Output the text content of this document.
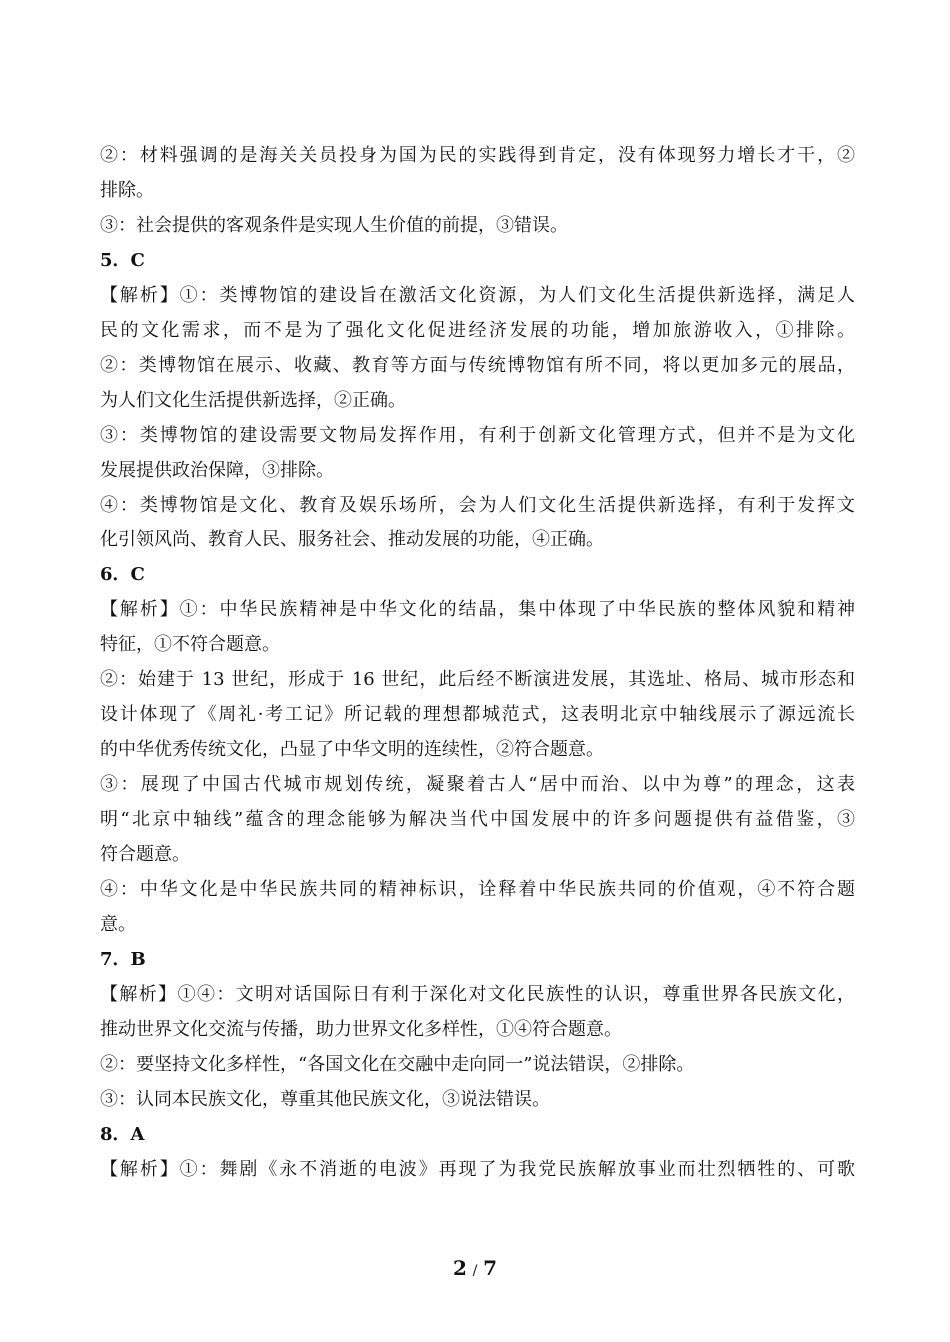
②：材料强调的是海关关员投身为国为民的实践得到肯定，没有体现努力增长才干，②
排除。
③：社会提供的客观条件是实现人生价值的前提，③错误。
5．C
【解析】①：类博物馆的建设旨在激活文化资源，为人们文化生活提供新选择，满足人
民的文化需求，而不是为了强化文化促进经济发展的功能，增加旅游收入，①排除。
②：类博物馆在展示、收藏、教育等方面与传统博物馆有所不同，将以更加多元的展品，
为人们文化生活提供新选择，②正确。
③：类博物馆的建设需要文物局发挥作用，有利于创新文化管理方式，但并不是为文化
发展提供政治保障，③排除。
④：类博物馆是文化、教育及娱乐场所，会为人们文化生活提供新选择，有利于发挥文
化引领风尚、教育人民、服务社会、推动发展的功能，④正确。
6．C
【解析】①：中华民族精神是中华文化的结晶，集中体现了中华民族的整体风貌和精神
特征，①不符合题意。
②：始建于 13 世纪，形成于 16 世纪，此后经不断演进发展，其选址、格局、城市形态和
设计体现了《周礼·考工记》所记载的理想都城范式，这表明北京中轴线展示了源远流长
的中华优秀传统文化，凸显了中华文明的连续性，②符合题意。
③：展现了中国古代城市规划传统，凝聚着古人“居中而治、以中为尊”的理念，这表
明“北京中轴线”蕴含的理念能够为解决当代中国发展中的许多问题提供有益借鉴，③
符合题意。
④：中华文化是中华民族共同的精神标识，诠释着中华民族共同的价值观，④不符合题
意。
7．B
【解析】①④：文明对话国际日有利于深化对文化民族性的认识，尊重世界各民族文化，
推动世界文化交流与传播，助力世界文化多样性，①④符合题意。
②：要坚持文化多样性，“各国文化在交融中走向同一”说法错误，②排除。
③：认同本民族文化，尊重其他民族文化，③说法错误。
8．A
【解析】①：舞剧《永不消逝的电波》再现了为我党民族解放事业而壮烈牺牲的、可歌
2 / 7
